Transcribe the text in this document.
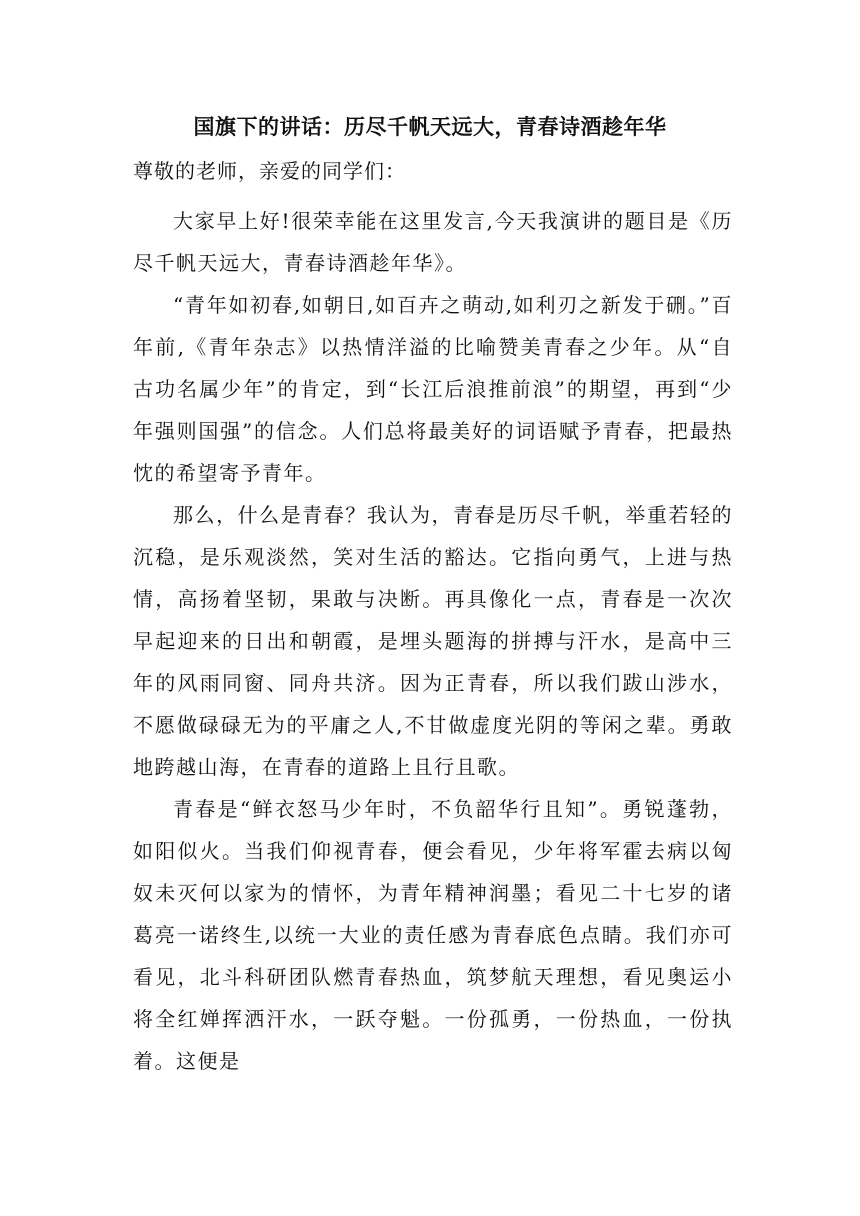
国旗下的讲话：历尽千帆天远大，青春诗酒趁年华
尊敬的老师，亲爱的同学们：

大家早上好!很荣幸能在这里发言,今天我演讲的题目是《历尽千帆天远大，青春诗酒趁年华》。

“青年如初春,如朝日,如百卉之萌动,如利刃之新发于硎。”百年前,《青年杂志》以热情洋溢的比喻赞美青春之少年。从“自古功名属少年”的肯定，到“长江后浪推前浪”的期望，再到“少年强则国强”的信念。人们总将最美好的词语赋予青春，把最热忱的希望寄予青年。

那么，什么是青春？我认为，青春是历尽千帆，举重若轻的沉稳，是乐观淡然，笑对生活的豁达。它指向勇气，上进与热情，高扬着坚韧，果敢与决断。再具像化一点，青春是一次次早起迎来的日出和朝霞，是埋头题海的拼搏与汗水，是高中三年的风雨同窗、同舟共济。因为正青春，所以我们跋山涉水，不愿做碌碌无为的平庸之人,不甘做虚度光阴的等闲之辈。勇敢地跨越山海，在青春的道路上且行且歌。

青春是“鲜衣怒马少年时，不负韶华行且知”。勇锐蓬勃，如阳似火。当我们仰视青春，便会看见，少年将军霍去病以匈奴未灭何以家为的情怀，为青年精神润墨；看见二十七岁的诸葛亮一诺终生,以统一大业的责任感为青春底色点睛。我们亦可看见，北斗科研团队燃青春热血，筑梦航天理想，看见奥运小将全红婵挥洒汗水，一跃夺魁。一份孤勇，一份热血，一份执着。这便是
